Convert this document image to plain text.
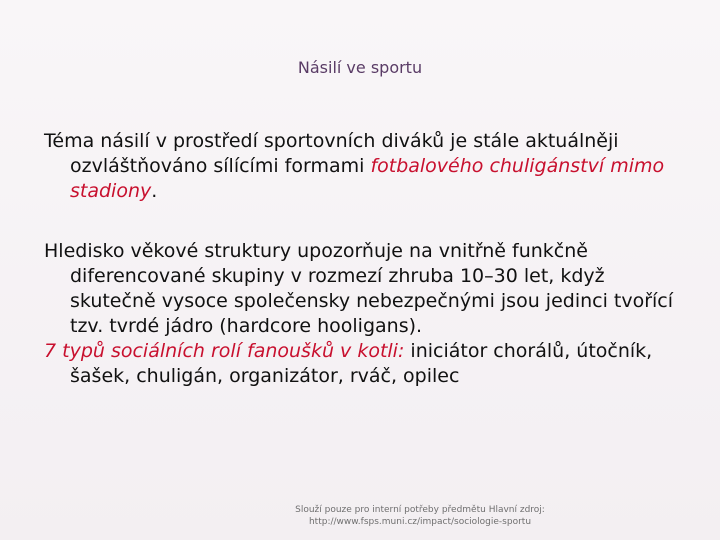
Násilí ve sportu

Téma násilí v prostředí sportovních diváků je stále aktuálněji ozvláštňováno sílícími formami fotbalového chuligánství mimo stadiony.

Hledisko věkové struktury upozorňuje na vnitřně funkčně diferencované skupiny v rozmezí zhruba 10–30 let, když skutečně vysoce společensky nebezpečnými jsou jedinci tvořící tzv. tvrdé jádro (hardcore hooligans).

7 typů sociálních rolí fanoušků v kotli: iniciátor chorálů, útočník, šašek, chuligán, organizátor, rváč, opilec

Slouží pouze pro interní potřeby předmětu Hlavní zdroj:
http://www.fsps.muni.cz/impact/sociologie-sportu
